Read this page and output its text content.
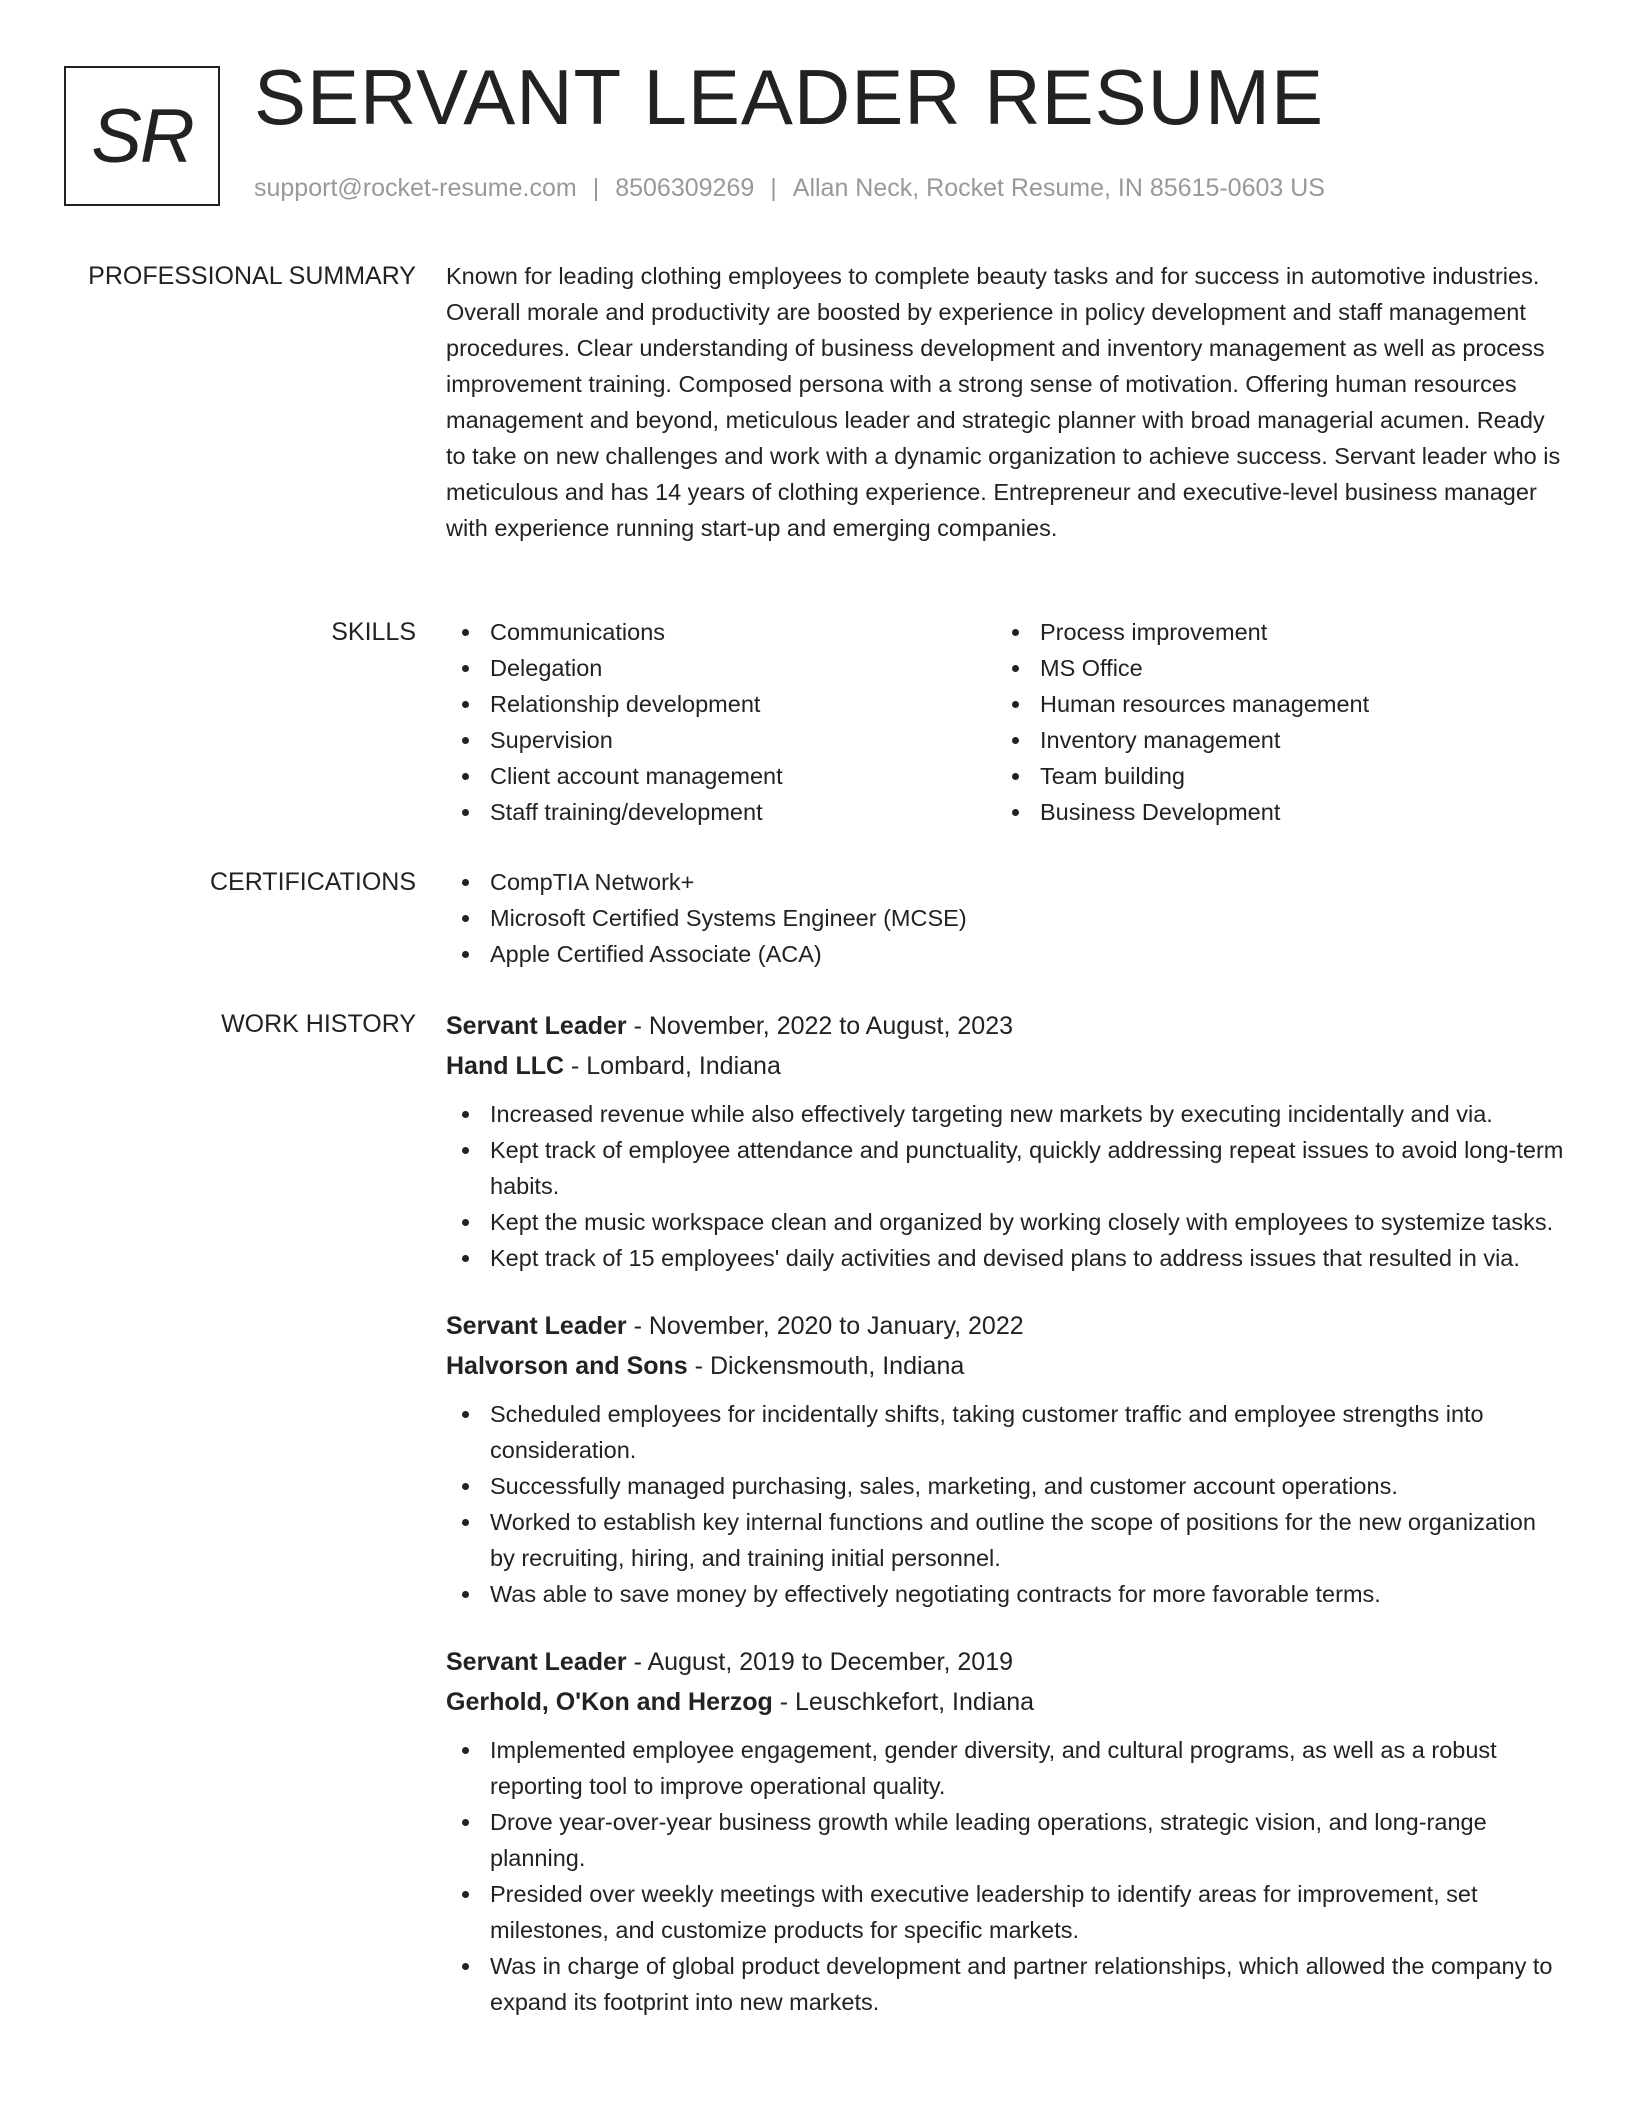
SR SERVANT LEADER RESUME
support@rocket-resume.com | 8506309269 | Allan Neck, Rocket Resume, IN 85615-0603 US
PROFESSIONAL SUMMARY Known for leading clothing employees to complete beauty tasks and for success in automotive industries. Overall morale and productivity are boosted by experience in policy development and staff management procedures. Clear understanding of business development and inventory management as well as process improvement training. Composed persona with a strong sense of motivation. Offering human resources management and beyond, meticulous leader and strategic planner with broad managerial acumen. Ready to take on new challenges and work with a dynamic organization to achieve success. Servant leader who is meticulous and has 14 years of clothing experience. Entrepreneur and executive-level business manager with experience running start-up and emerging companies.

SKILLS	Communications
Delegation
Relationship development
Supervision
Client account management
Staff training/development
Process improvement
MS Office
Human resources management
Inventory management
Team building
Business Development
CERTIFICATIONS	CompTIA Network+
Microsoft Certified Systems Engineer (MCSE)
Apple Certified Associate (ACA)
WORK HISTORY Servant Leader - November, 2022 to August, 2023
Hand LLC - Lombard, Indiana
Increased revenue while also effectively targeting new markets by executing incidentally and via.
Kept track of employee attendance and punctuality, quickly addressing repeat issues to avoid long-term habits.
Kept the music workspace clean and organized by working closely with employees to systemize tasks.
Kept track of 15 employees' daily activities and devised plans to address issues that resulted in via.
Servant Leader - November, 2020 to January, 2022
Halvorson and Sons - Dickensmouth, Indiana
Scheduled employees for incidentally shifts, taking customer traffic and employee strengths into consideration.
Successfully managed purchasing, sales, marketing, and customer account operations.
Worked to establish key internal functions and outline the scope of positions for the new organization by recruiting, hiring, and training initial personnel.
Was able to save money by effectively negotiating contracts for more favorable terms.
Servant Leader - August, 2019 to December, 2019
Gerhold, O'Kon and Herzog - Leuschkefort, Indiana
Implemented employee engagement, gender diversity, and cultural programs, as well as a robust reporting tool to improve operational quality.
Drove year-over-year business growth while leading operations, strategic vision, and long-range planning.
Presided over weekly meetings with executive leadership to identify areas for improvement, set milestones, and customize products for specific markets.
Was in charge of global product development and partner relationships, which allowed the company to expand its footprint into new markets.
